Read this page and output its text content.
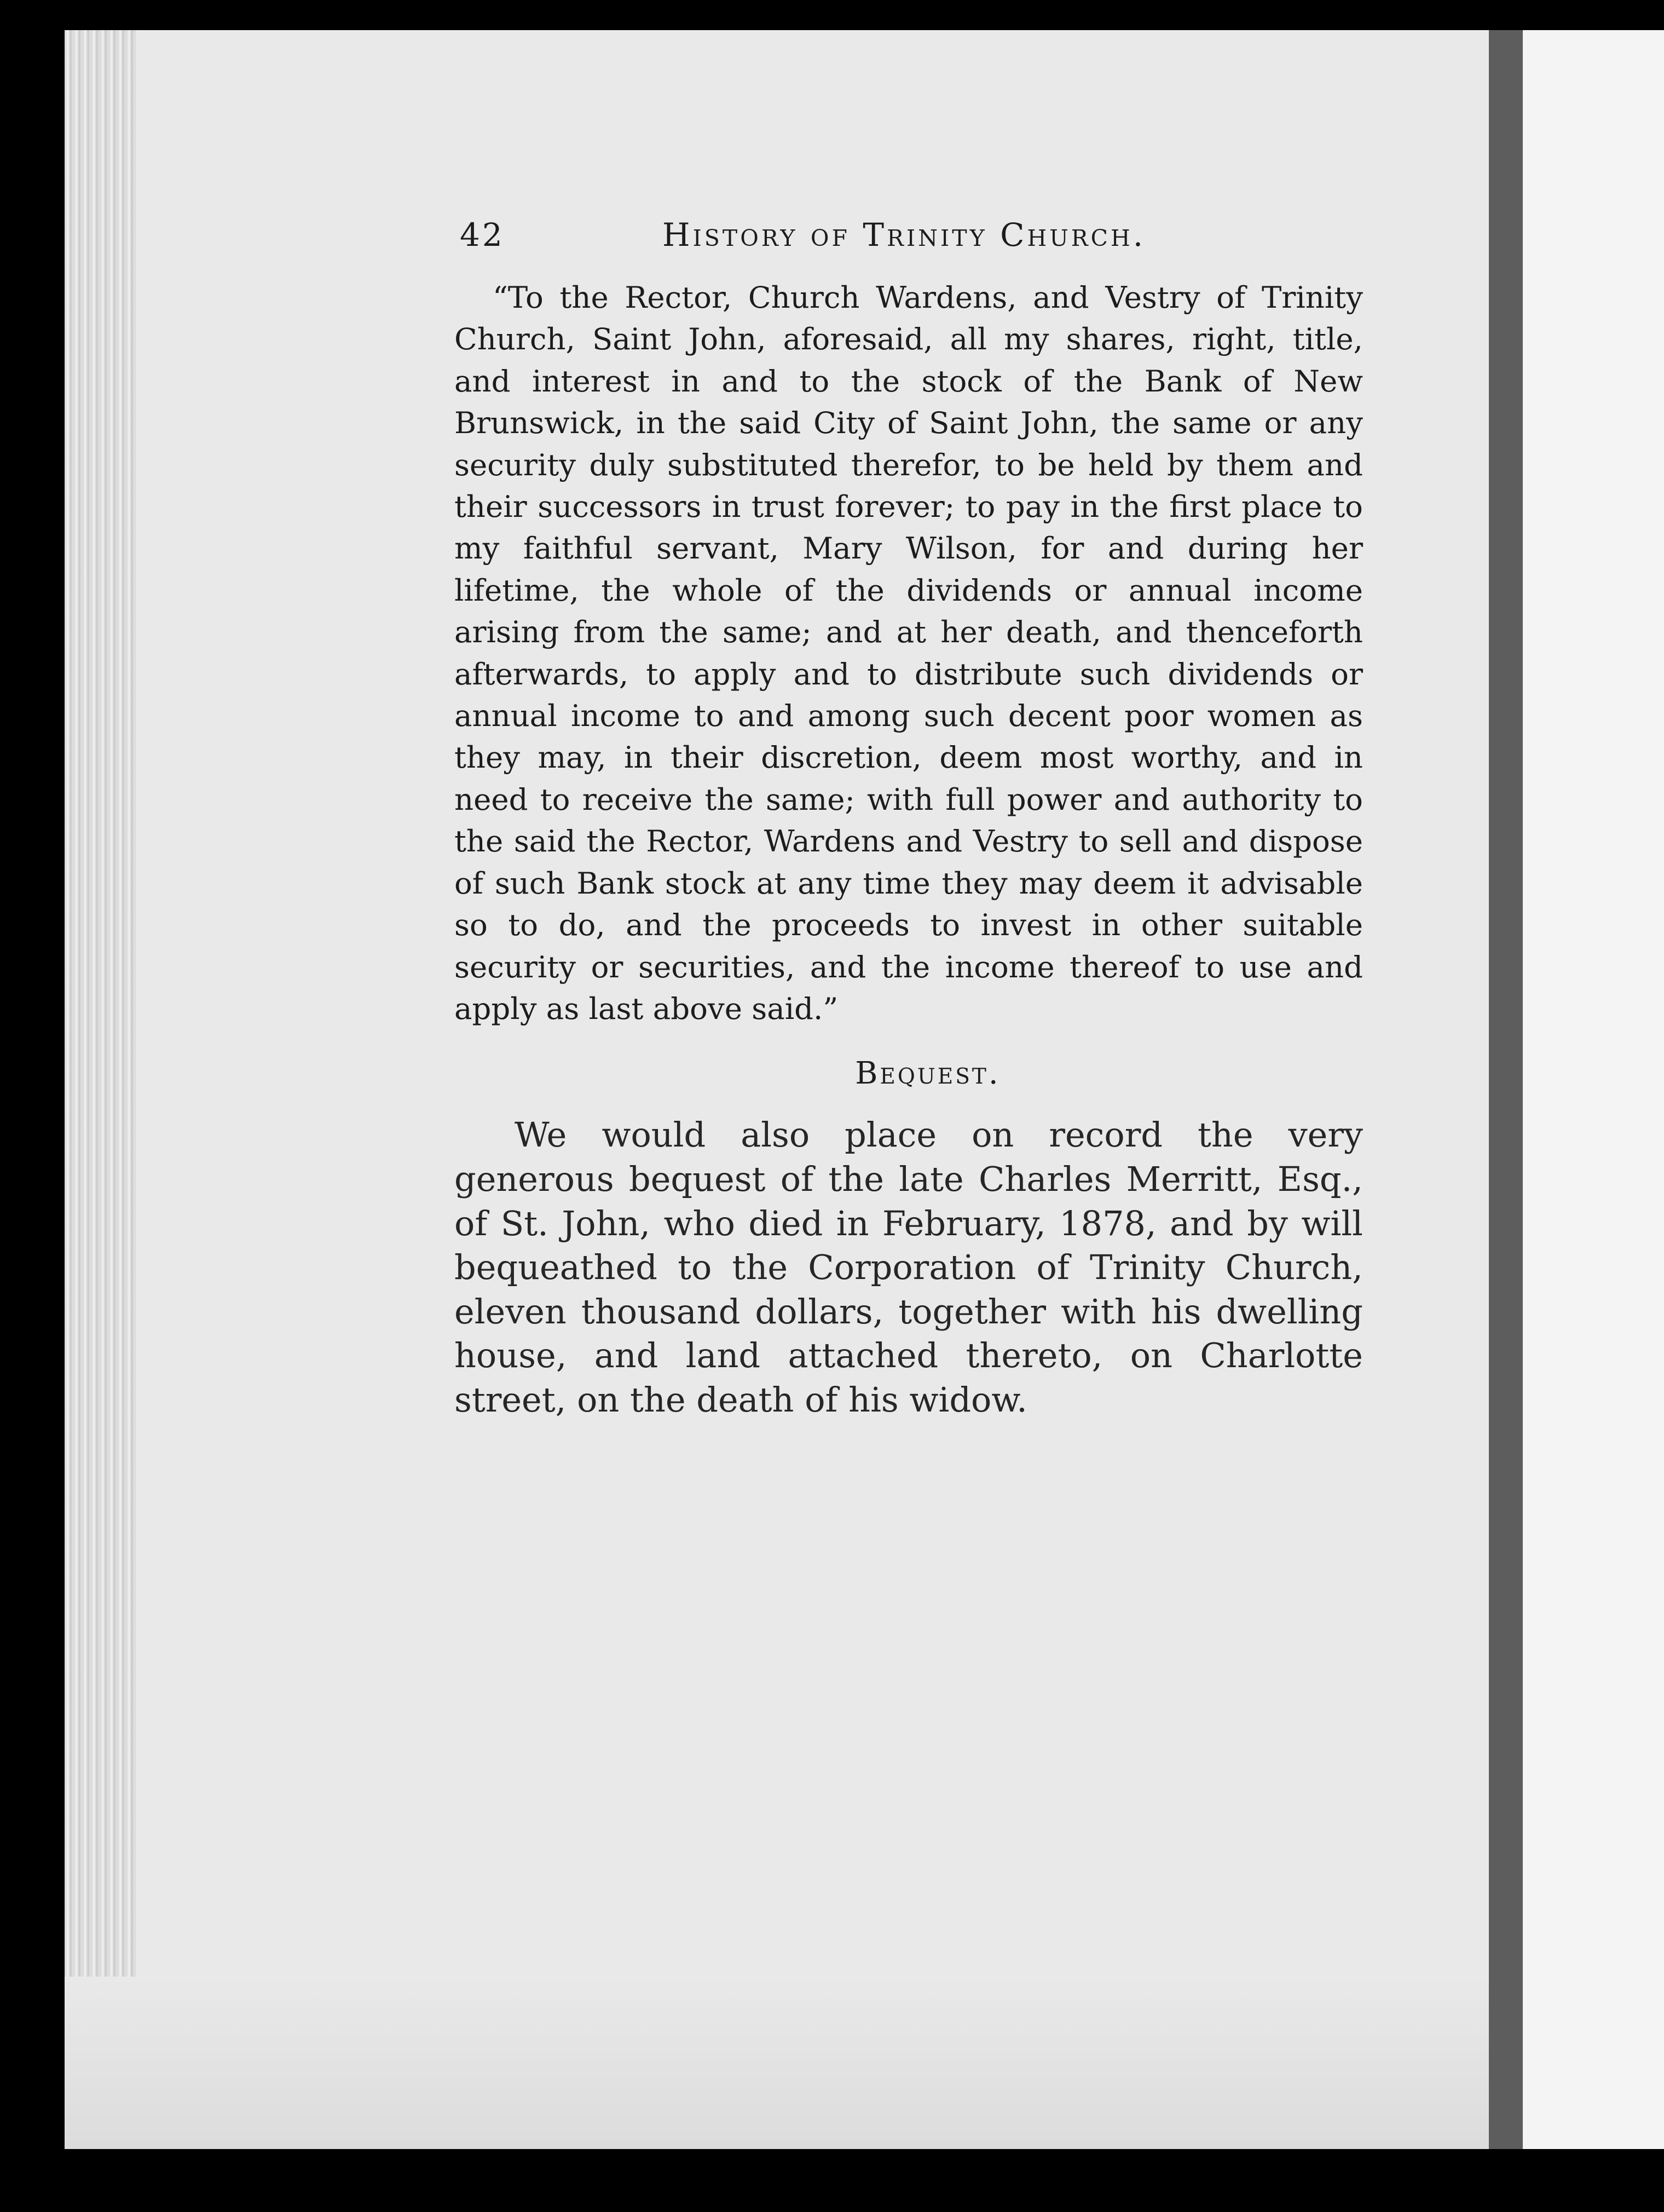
42	History of Trinity Church.

“To the Rector, Church Wardens, and Vestry of Trinity Church, Saint John, aforesaid, all my shares, right, title, and interest in and to the stock of the Bank of New Brunswick, in the said City of Saint John, the same or any security duly substituted therefor, to be held by them and their successors in trust forever; to pay in the first place to my faithful servant, Mary Wilson, for and during her lifetime, the whole of the dividends or annual income arising from the same; and at her death, and thenceforth afterwards, to apply and to distribute such dividends or annual income to and among such decent poor women as they may, in their discretion, deem most worthy, and in need to receive the same; with full power and authority to the said the Rector, Wardens and Vestry to sell and dispose of such Bank stock at any time they may deem it advisable so to do, and the proceeds to invest in other suitable security or securities, and the income thereof to use and apply as last above said.”

Bequest.

We would also place on record the very generous bequest of the late Charles Merritt, Esq., of St. John, who died in February, 1878, and by will bequeathed to the Corporation of Trinity Church, eleven thousand dollars, together with his dwelling house, and land attached thereto, on Charlotte street, on the death of his widow.
